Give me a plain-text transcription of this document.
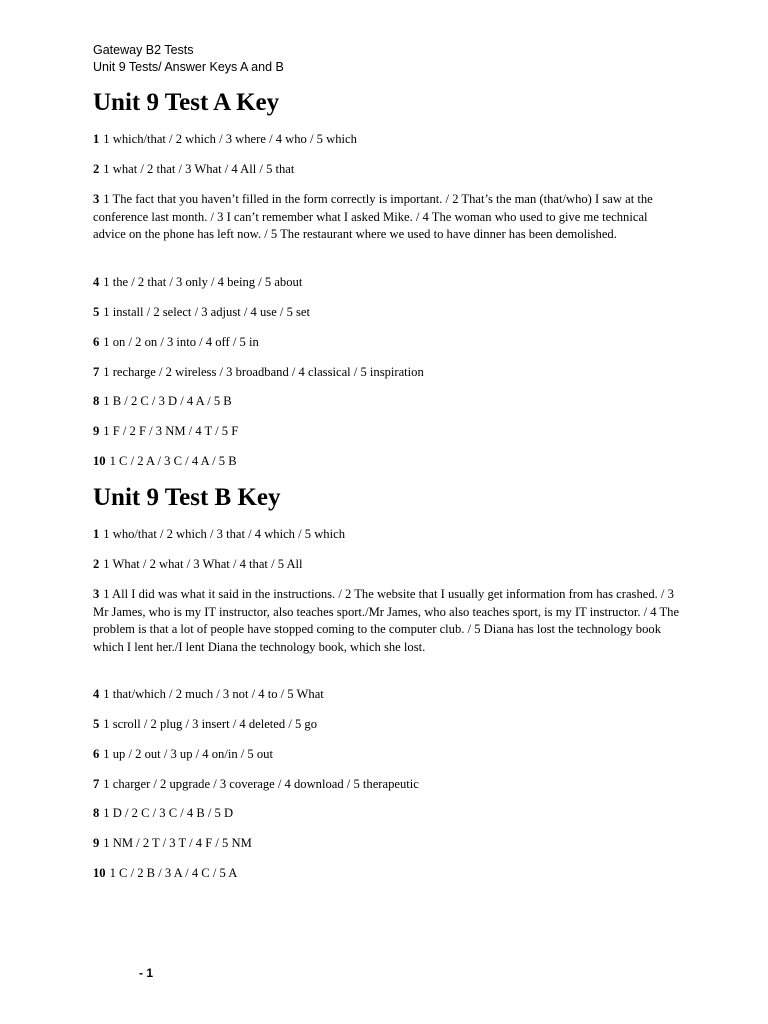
Gateway B2 Tests
Unit 9 Tests/ Answer Keys A and B
Unit 9 Test A Key
1 1 which/that / 2 which / 3 where / 4 who / 5 which
2 1 what / 2 that / 3 What / 4 All / 5 that
3 1 The fact that you haven’t filled in the form correctly is important. / 2 That’s the man (that/who) I saw at the conference last month. / 3 I can’t remember what I asked Mike. / 4 The woman who used to give me technical advice on the phone has left now. / 5 The restaurant where we used to have dinner has been demolished.
4 1 the / 2 that / 3 only / 4 being / 5 about
5 1 install / 2 select / 3 adjust / 4 use / 5 set
6 1 on / 2 on / 3 into / 4 off / 5 in
7 1 recharge / 2 wireless / 3 broadband / 4 classical / 5 inspiration
8 1 B / 2 C / 3 D / 4 A / 5 B
9 1 F / 2 F / 3 NM / 4 T / 5 F
10 1 C / 2 A / 3 C / 4 A / 5 B
Unit 9 Test B Key
1 1 who/that / 2 which / 3 that / 4 which / 5 which
2 1 What / 2 what / 3 What / 4 that / 5 All
3 1 All I did was what it said in the instructions. / 2 The website that I usually get information from has crashed. / 3 Mr James, who is my IT instructor, also teaches sport./Mr James, who also teaches sport, is my IT instructor. / 4 The problem is that a lot of people have stopped coming to the computer club. / 5 Diana has lost the technology book which I lent her./I lent Diana the technology book, which she lost.
4 1 that/which / 2 much / 3 not / 4 to / 5 What
5 1 scroll / 2 plug / 3 insert / 4 deleted / 5 go
6 1 up / 2 out / 3 up / 4 on/in / 5 out
7 1 charger / 2 upgrade / 3 coverage / 4 download / 5 therapeutic
8 1 D / 2 C / 3 C / 4 B / 5 D
9 1 NM / 2 T / 3 T / 4 F / 5 NM
10 1 C / 2 B / 3 A / 4 C / 5 A
- 1
